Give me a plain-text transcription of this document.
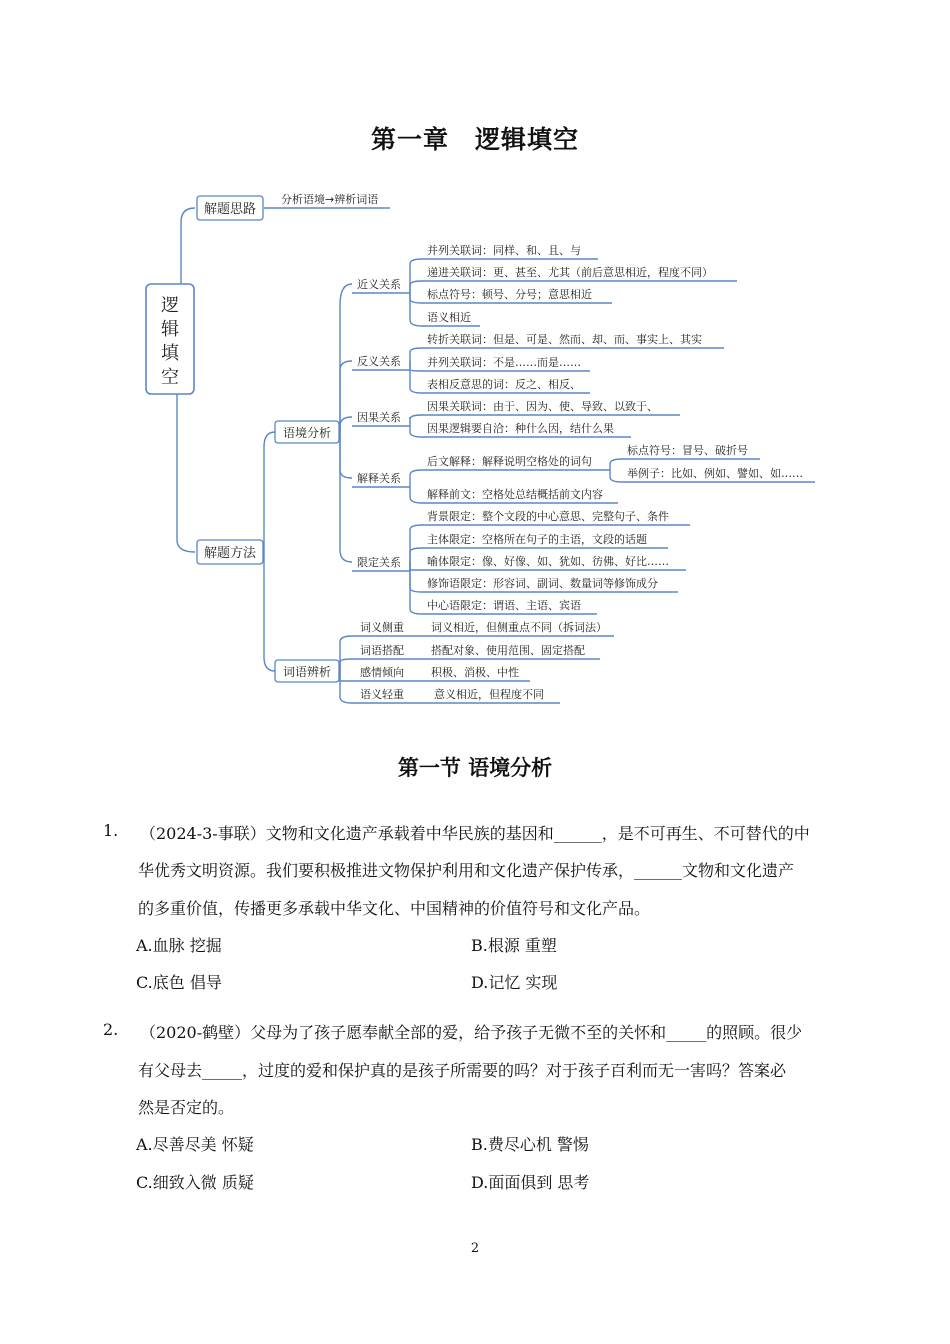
第一章　逻辑填空
逻
辑
填
空
解题思路
分析语境→辨析词语
解题方法
语境分析
词语辨析
近义关系
反义关系
因果关系
解释关系
限定关系
并列关联词：同样、和、且、与
递进关联词：更、甚至、尤其（前后意思相近，程度不同）
标点符号：顿号、分号；意思相近
语义相近
转折关联词：但是、可是、然而、却、而、事实上、其实
并列关联词：不是……而是……
表相反意思的词：反之、相反、
因果关联词：由于、因为、使、导致、以致于、
因果逻辑要自洽：种什么因，结什么果
后文解释：解释说明空格处的词句
标点符号：冒号、破折号
举例子：比如、例如、譬如、如……
解释前文：空格处总结概括前文内容
背景限定：整个文段的中心意思、完整句子、条件
主体限定：空格所在句子的主语，文段的话题
喻体限定：像、好像、如、犹如、彷佛、好比……
修饰语限定：形容词、副词、数量词等修饰成分
中心语限定：谓语、主语、宾语
词义侧重 词义相近，但侧重点不同（拆词法）
词语搭配 搭配对象、使用范围、固定搭配
感情倾向 积极、消极、中性
语义轻重	意义相近，但程度不同
第一节 语境分析
1. （2024-3-事联）文物和文化遗产承载着中华民族的基因和______，是不可再生、不可替代的中
华优秀文明资源。我们要积极推进文物保护利用和文化遗产保护传承，______文物和文化遗产
的多重价值，传播更多承载中华文化、中国精神的价值符号和文化产品。
A.血脉 挖掘	B.根源 重塑
C.底色 倡导	D.记忆 实现
2. （2020-鹤壁）父母为了孩子愿奉献全部的爱，给予孩子无微不至的关怀和_____的照顾。很少
有父母去_____，过度的爱和保护真的是孩子所需要的吗？对于孩子百利而无一害吗？答案必
然是否定的。
A.尽善尽美 怀疑	B.费尽心机 警惕
C.细致入微 质疑	D.面面俱到 思考
2
